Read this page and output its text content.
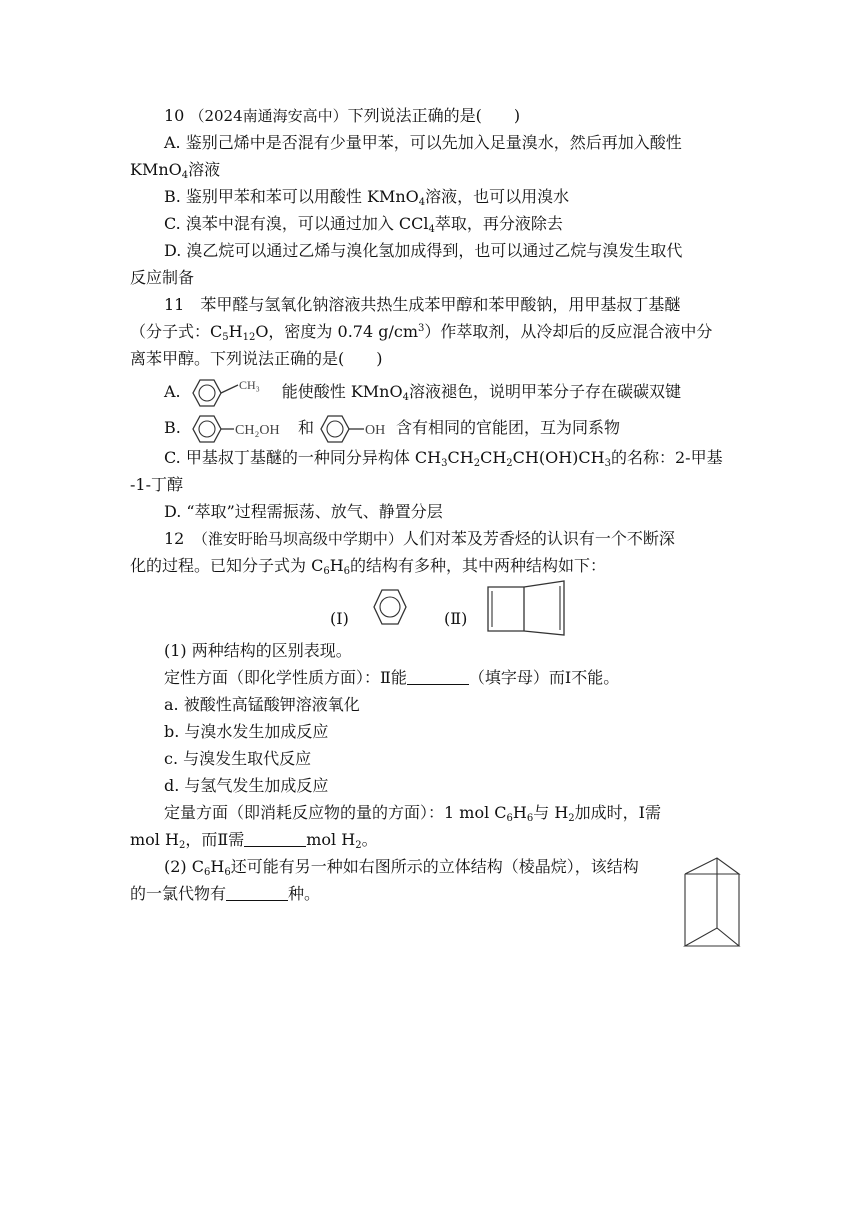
10 （2024南通海安高中）下列说法正确的是(　　)
A. 鉴别己烯中是否混有少量甲苯，可以先加入足量溴水，然后再加入酸性
KMnO$_4$溶液
B. 鉴别甲苯和苯可以用酸性 KMnO$_4$溶液，也可以用溴水
C. 溴苯中混有溴，可以通过加入 CCl$_4$萃取，再分液除去
D. 溴乙烷可以通过乙烯与溴化氢加成得到，也可以通过乙烷与溴发生取代
反应制备
11　苯甲醛与氢氧化钠溶液共热生成苯甲醇和苯甲酸钠，用甲基叔丁基醚
（分子式：$C_5H_{12}O$，密度为 0.74 $g/cm^3$）作萃取剂，从冷却后的反应混合液中分
离苯甲醇。下列说法正确的是(　　)
A.	CH₃ 能使酸性 KMnO$_4$溶液褪色，说明甲苯分子存在碳碳双键
B.	CH₂OH 和	OH 含有相同的官能团，互为同系物
C. 甲基叔丁基醚的一种同分异构体 $CH_3CH_2CH_2CH(OH)CH_3$的名称：2-甲基
-1-丁醇
D. “萃取”过程需振荡、放气、静置分层
12　（淮安盱眙马坝高级中学期中）人们对苯及芳香烃的认识有一个不断深
化的过程。已知分子式为 $C_6H_6$的结构有多种，其中两种结构如下：
(Ⅰ)	(Ⅱ)
(1) 两种结构的区别表现。
定性方面（即化学性质方面）：Ⅱ能	（填字母）而Ⅰ不能。
a. 被酸性高锰酸钾溶液氧化
b. 与溴水发生加成反应
c. 与溴发生取代反应
d. 与氢气发生加成反应
定量方面（即消耗反应物的量的方面）：1 mol $C_6H_6$与 $H_2$加成时，Ⅰ需
mol $H_2$，而Ⅱ需	mol $H_2$。
(2) $C_6H_6$还可能有另一种如右图所示的立体结构（棱晶烷），该结构
的一氯代物有	种。
